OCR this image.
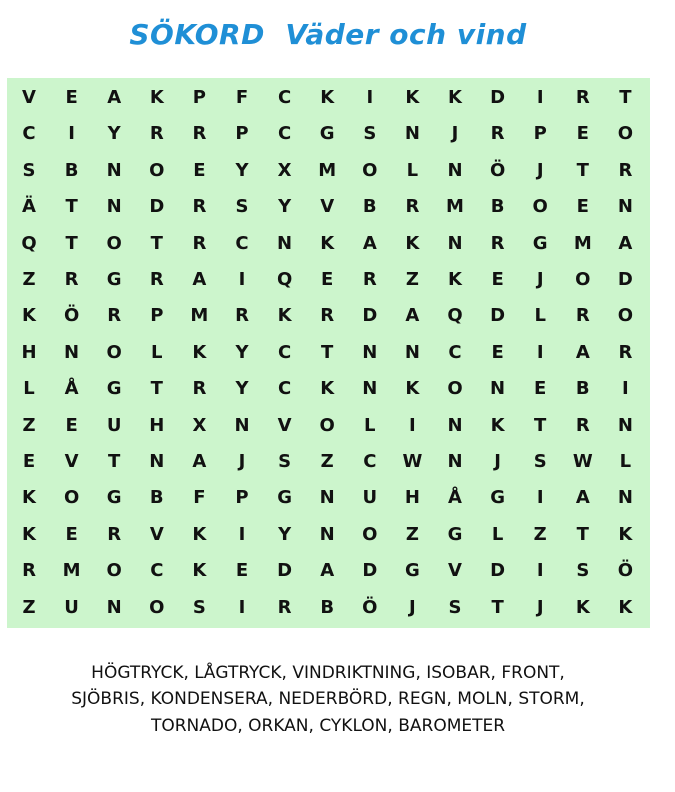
SÖKORD  Väder och vind
V	E	A	K	P	F	C	K	I	K	K	D	I	R	T
C	I	Y	R	R	P	C	G	S	N	J	R	P	E	O
S	B	N	O	E	Y	X	M	O	L	N	Ö	J	T	R
Ä	T	N	D	R	S	Y	V	B	R	M	B	O	E	N
Q	T	O	T	R	C	N	K	A	K	N	R	G	M	A
Z	R	G	R	A	I	Q	E	R	Z	K	E	J	O	D
K	Ö	R	P	M	R	K	R	D	A	Q	D	L	R	O
H	N	O	L	K	Y	C	T	N	N	C	E	I	A	R
L	Å	G	T	R	Y	C	K	N	K	O	N	E	B	I
Z	E	U	H	X	N	V	O	L	I	N	K	T	R	N
E	V	T	N	A	J	S	Z	C	W	N	J	S	W	L
K	O	G	B	F	P	G	N	U	H	Å	G	I	A	N
K	E	R	V	K	I	Y	N	O	Z	G	L	Z	T	K
R	M	O	C	K	E	D	A	D	G	V	D	I	S	Ö
Z	U	N	O	S	I	R	B	Ö	J	S	T	J	K	K
HÖGTRYCK, LÅGTRYCK, VINDRIKTNING, ISOBAR, FRONT,
SJÖBRIS, KONDENSERA, NEDERBÖRD, REGN, MOLN, STORM,
TORNADO, ORKAN, CYKLON, BAROMETER
